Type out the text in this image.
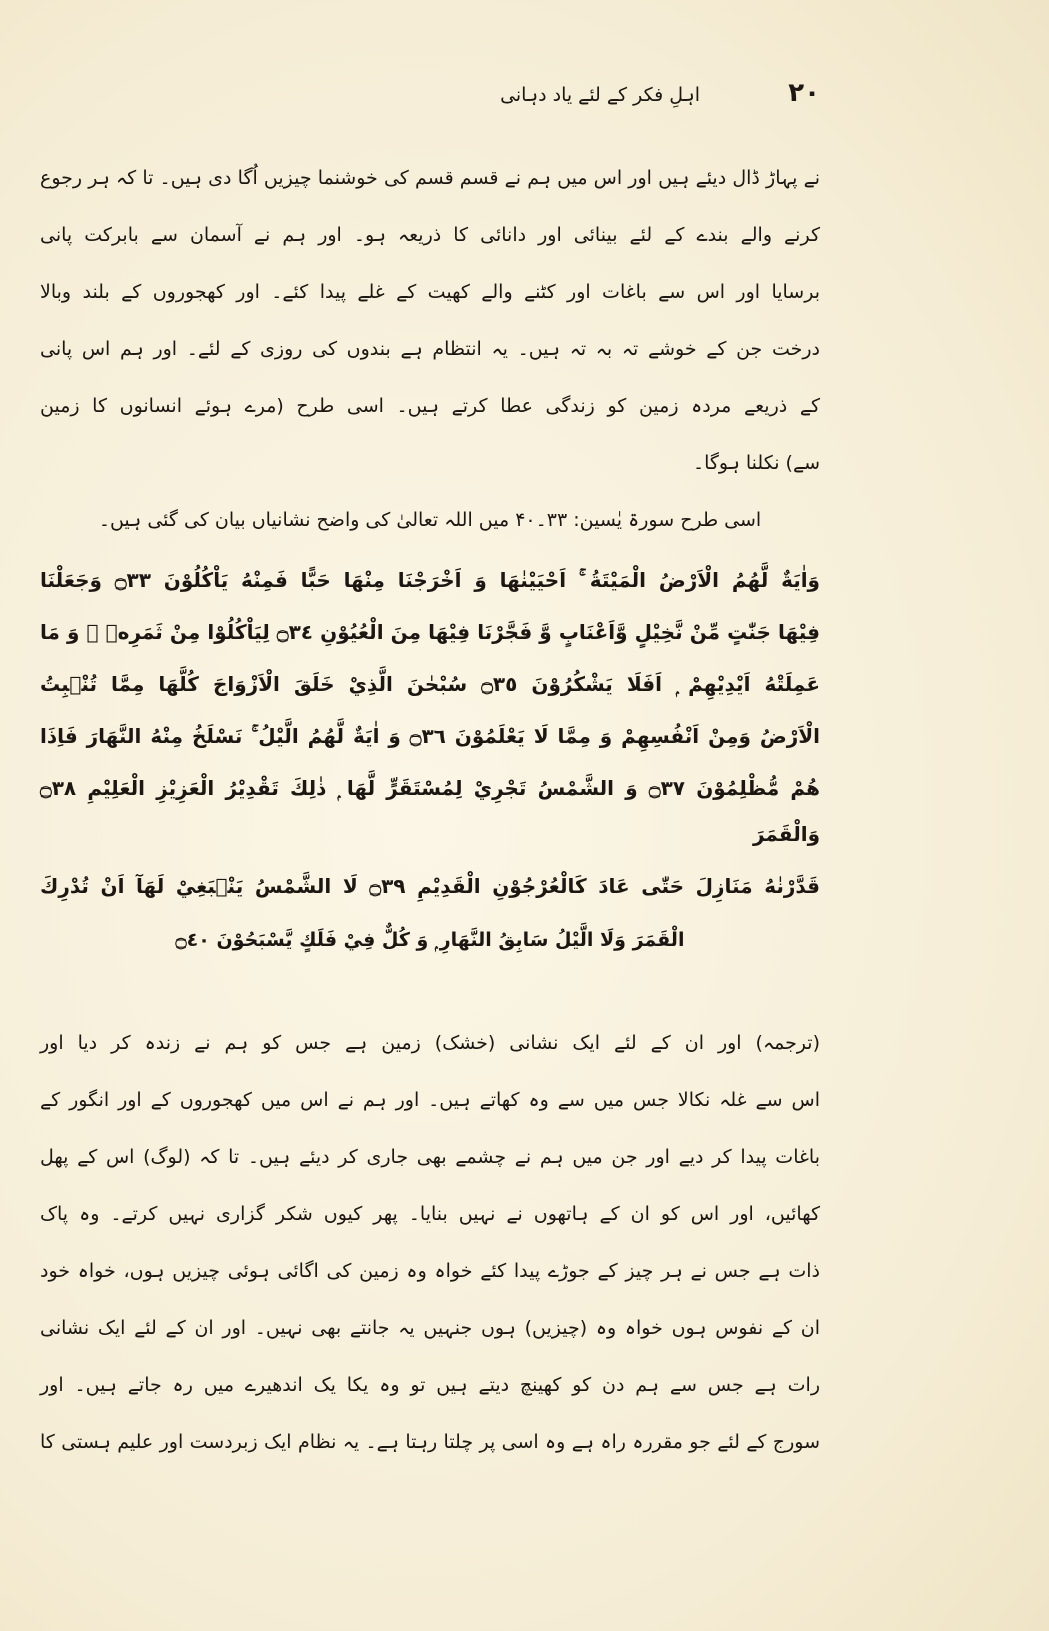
۲۰
اہلِ فکر کے لئے یاد دہانی
نے پہاڑ ڈال دیئے ہیں اور اس میں ہم نے قسم قسم کی خوشنما چیزیں اُگا دی ہیں۔ تا کہ ہر رجوع
کرنے والے بندے کے لئے بینائی اور دانائی کا ذریعہ ہو۔ اور ہم نے آسمان سے بابرکت پانی
برسایا اور اس سے باغات اور کٹنے والے کھیت کے غلے پیدا کئے۔ اور کھجوروں کے بلند وبالا
درخت جن کے خوشے تہ بہ تہ ہیں۔ یہ انتظام ہے بندوں کی روزی کے لئے۔ اور ہم اس پانی
کے ذریعے مردہ زمین کو زندگی عطا کرتے ہیں۔ اسی طرح (مرے ہوئے انسانوں کا زمین
سے) نکلنا ہوگا۔
اسی طرح سورۃ یٰسین: ۳۳۔۴۰ میں اللہ تعالیٰ کی واضح نشانیاں بیان کی گئی ہیں۔
وَاٰيَةٌ لَّهُمُ الْاَرْضُ الْمَيْتَةُ ۚ اَحْيَيْنٰهَا وَ اَخْرَجْنَا مِنْهَا حَبًّا فَمِنْهُ يَاْكُلُوْنَ ۝٣٣ وَجَعَلْنَا
فِيْهَا جَنّٰتٍ مِّنْ نَّخِيْلٍ وَّاَعْنَابٍ وَّ فَجَّرْنَا فِيْهَا مِنَ الْعُيُوْنِ ۝٣٤ لِيَاْكُلُوْا مِنْ ثَمَرِهٖ ۙ وَ مَا
عَمِلَتْهُ اَيْدِيْهِمْ ۭ اَفَلَا يَشْكُرُوْنَ ۝٣٥ سُبْحٰنَ الَّذِيْ خَلَقَ الْاَزْوَاجَ كُلَّهَا مِمَّا تُنْۢبِتُ
الْاَرْضُ وَمِنْ اَنْفُسِهِمْ وَ مِمَّا لَا يَعْلَمُوْنَ ۝٣٦ وَ اٰيَةٌ لَّهُمُ الَّيْلُ ۚ نَسْلَخُ مِنْهُ النَّهَارَ فَاِذَا
هُمْ مُّظْلِمُوْنَ ۝٣٧ وَ الشَّمْسُ تَجْرِيْ لِمُسْتَقَرٍّ لَّهَا ۭ ذٰلِكَ تَقْدِيْرُ الْعَزِيْزِ الْعَلِيْمِ ۝٣٨ وَالْقَمَرَ
قَدَّرْنٰهُ مَنَازِلَ حَتّٰى عَادَ كَالْعُرْجُوْنِ الْقَدِيْمِ ۝٣٩ لَا الشَّمْسُ يَنْۢبَغِيْ لَهَآ اَنْ تُدْرِكَ
الْقَمَرَ وَلَا الَّيْلُ سَابِقُ النَّهَارِ ۭ وَ كُلٌّ فِيْ فَلَكٍ يَّسْبَحُوْنَ ۝٤٠
(ترجمہ) اور ان کے لئے ایک نشانی (خشک) زمین ہے جس کو ہم نے زندہ کر دیا اور
اس سے غلہ نکالا جس میں سے وہ کھاتے ہیں۔ اور ہم نے اس میں کھجوروں کے اور انگور کے
باغات پیدا کر دیے اور جن میں ہم نے چشمے بھی جاری کر دیئے ہیں۔ تا کہ (لوگ) اس کے پھل
کھائیں، اور اس کو ان کے ہاتھوں نے نہیں بنایا۔ پھر کیوں شکر گزاری نہیں کرتے۔ وہ پاک
ذات ہے جس نے ہر چیز کے جوڑے پیدا کئے خواہ وہ زمین کی اگائی ہوئی چیزیں ہوں، خواہ خود
ان کے نفوس ہوں خواہ وہ (چیزیں) ہوں جنہیں یہ جانتے بھی نہیں۔ اور ان کے لئے ایک نشانی
رات ہے جس سے ہم دن کو کھینچ دیتے ہیں تو وہ یکا یک اندھیرے میں رہ جاتے ہیں۔ اور
سورج کے لئے جو مقررہ راہ ہے وہ اسی پر چلتا رہتا ہے۔ یہ نظام ایک زبردست اور علیم ہستی کا
